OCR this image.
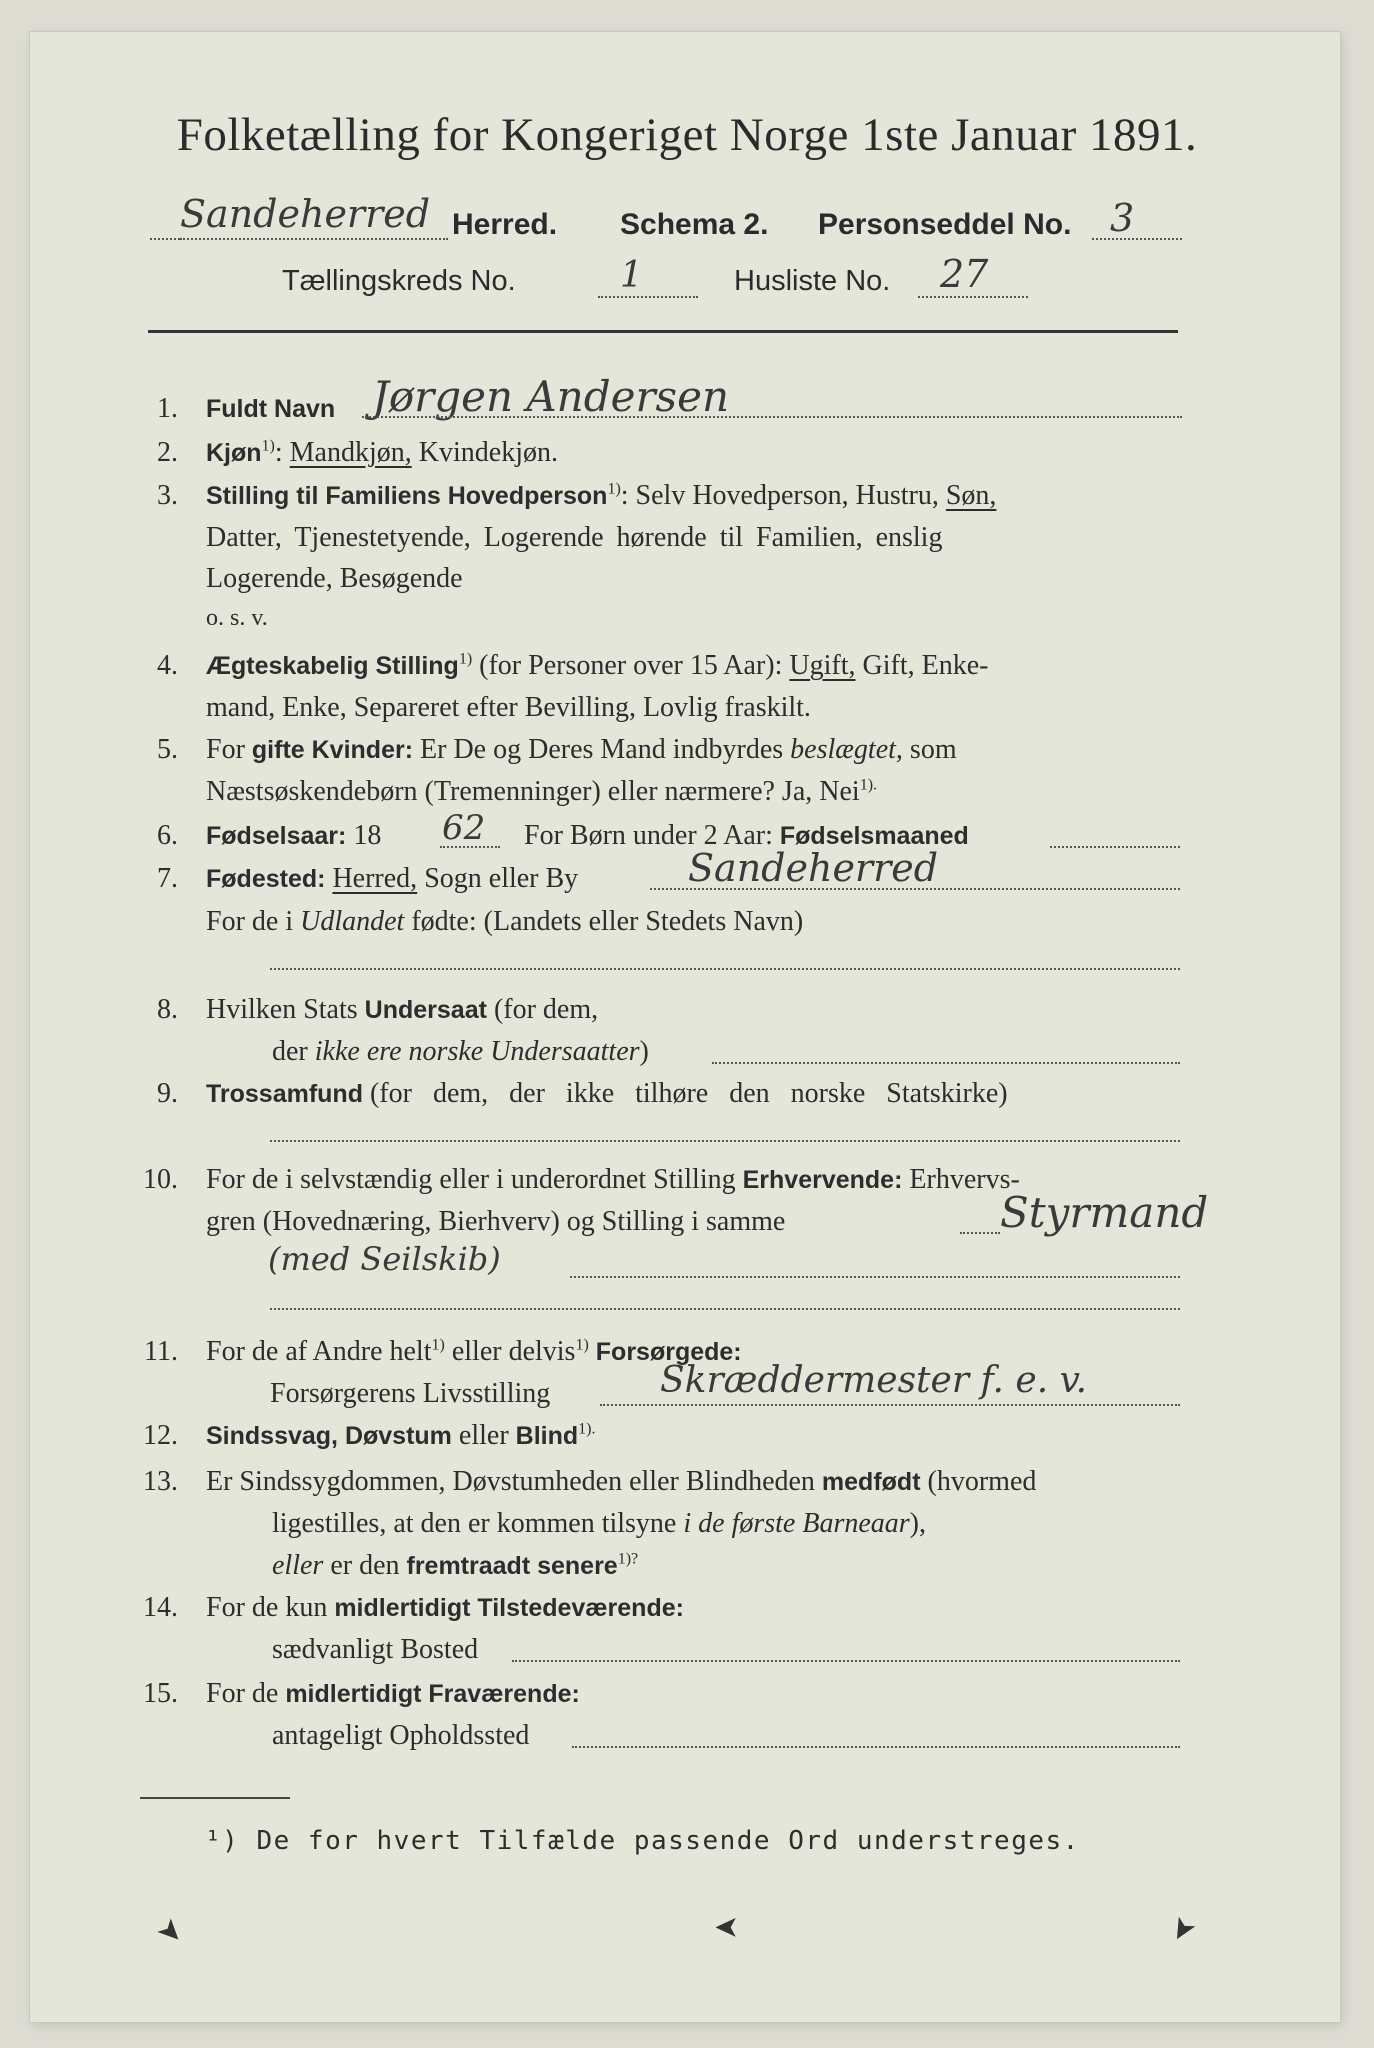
Folketælling for Kongeriget Norge 1ste Januar 1891.
Sandeherred Herred. Schema 2. Personseddel No. 3
Tællingskreds No.	1	Husliste No. 27
1. Fuldt Navn Jørgen Andersen
2. Kjøn$^{1)}$: Mandkjøn, Kvindekjøn.
3. Stilling til Familiens Hovedperson$^{1)}$: Selv Hovedperson, Hustru, Søn,
Datter, Tjenestetyende, Logerende hørende til Familien, enslig
Logerende, Besøgende
o. s. v.
4. Ægteskabelig Stilling$^{1)}$ (for Personer over 15 Aar): Ugift, Gift, Enke-
mand, Enke, Separeret efter Bevilling, Lovlig fraskilt.
5. For gifte Kvinder: Er De og Deres Mand indbyrdes beslægtet, som
Næstsøskendebørn (Tremenninger) eller nærmere? Ja, Nei$^{1).}$
6. Fødselsaar: 18 62 For Børn under 2 Aar: Fødselsmaaned
7. Fødested: Herred, Sogn eller By	Sandeherred
For de i Udlandet fødte: (Landets eller Stedets Navn)
8. Hvilken Stats Undersaat (for dem,
der ikke ere norske Undersaatter)
9. Trossamfund (for dem, der ikke tilhøre den norske Statskirke)
10. For de i selvstændig eller i underordnet Stilling Erhvervende: Erhvervs-
gren (Hovednæring, Bierhverv) og Stilling i samme	Styrmand
(med Seilskib)
11. For de af Andre helt$^{1)}$ eller delvis$^{1)}$ Forsørgede:
Forsørgerens Livsstilling	Skræddermester f. e. v.
12. Sindssvag, Døvstum eller Blind$^{1).}$
13. Er Sindssygdommen, Døvstumheden eller Blindheden medfødt (hvormed
ligestilles, at den er kommen tilsyne i de første Barneaar),
eller er den fremtraadt senere$^{1)?}$
14. For de kun midlertidigt Tilstedeværende:
sædvanligt Bosted
15. For de midlertidigt Fraværende:
antageligt Opholdssted
¹) De for hvert Tilfælde passende Ord understreges.
➤	➤	➤
